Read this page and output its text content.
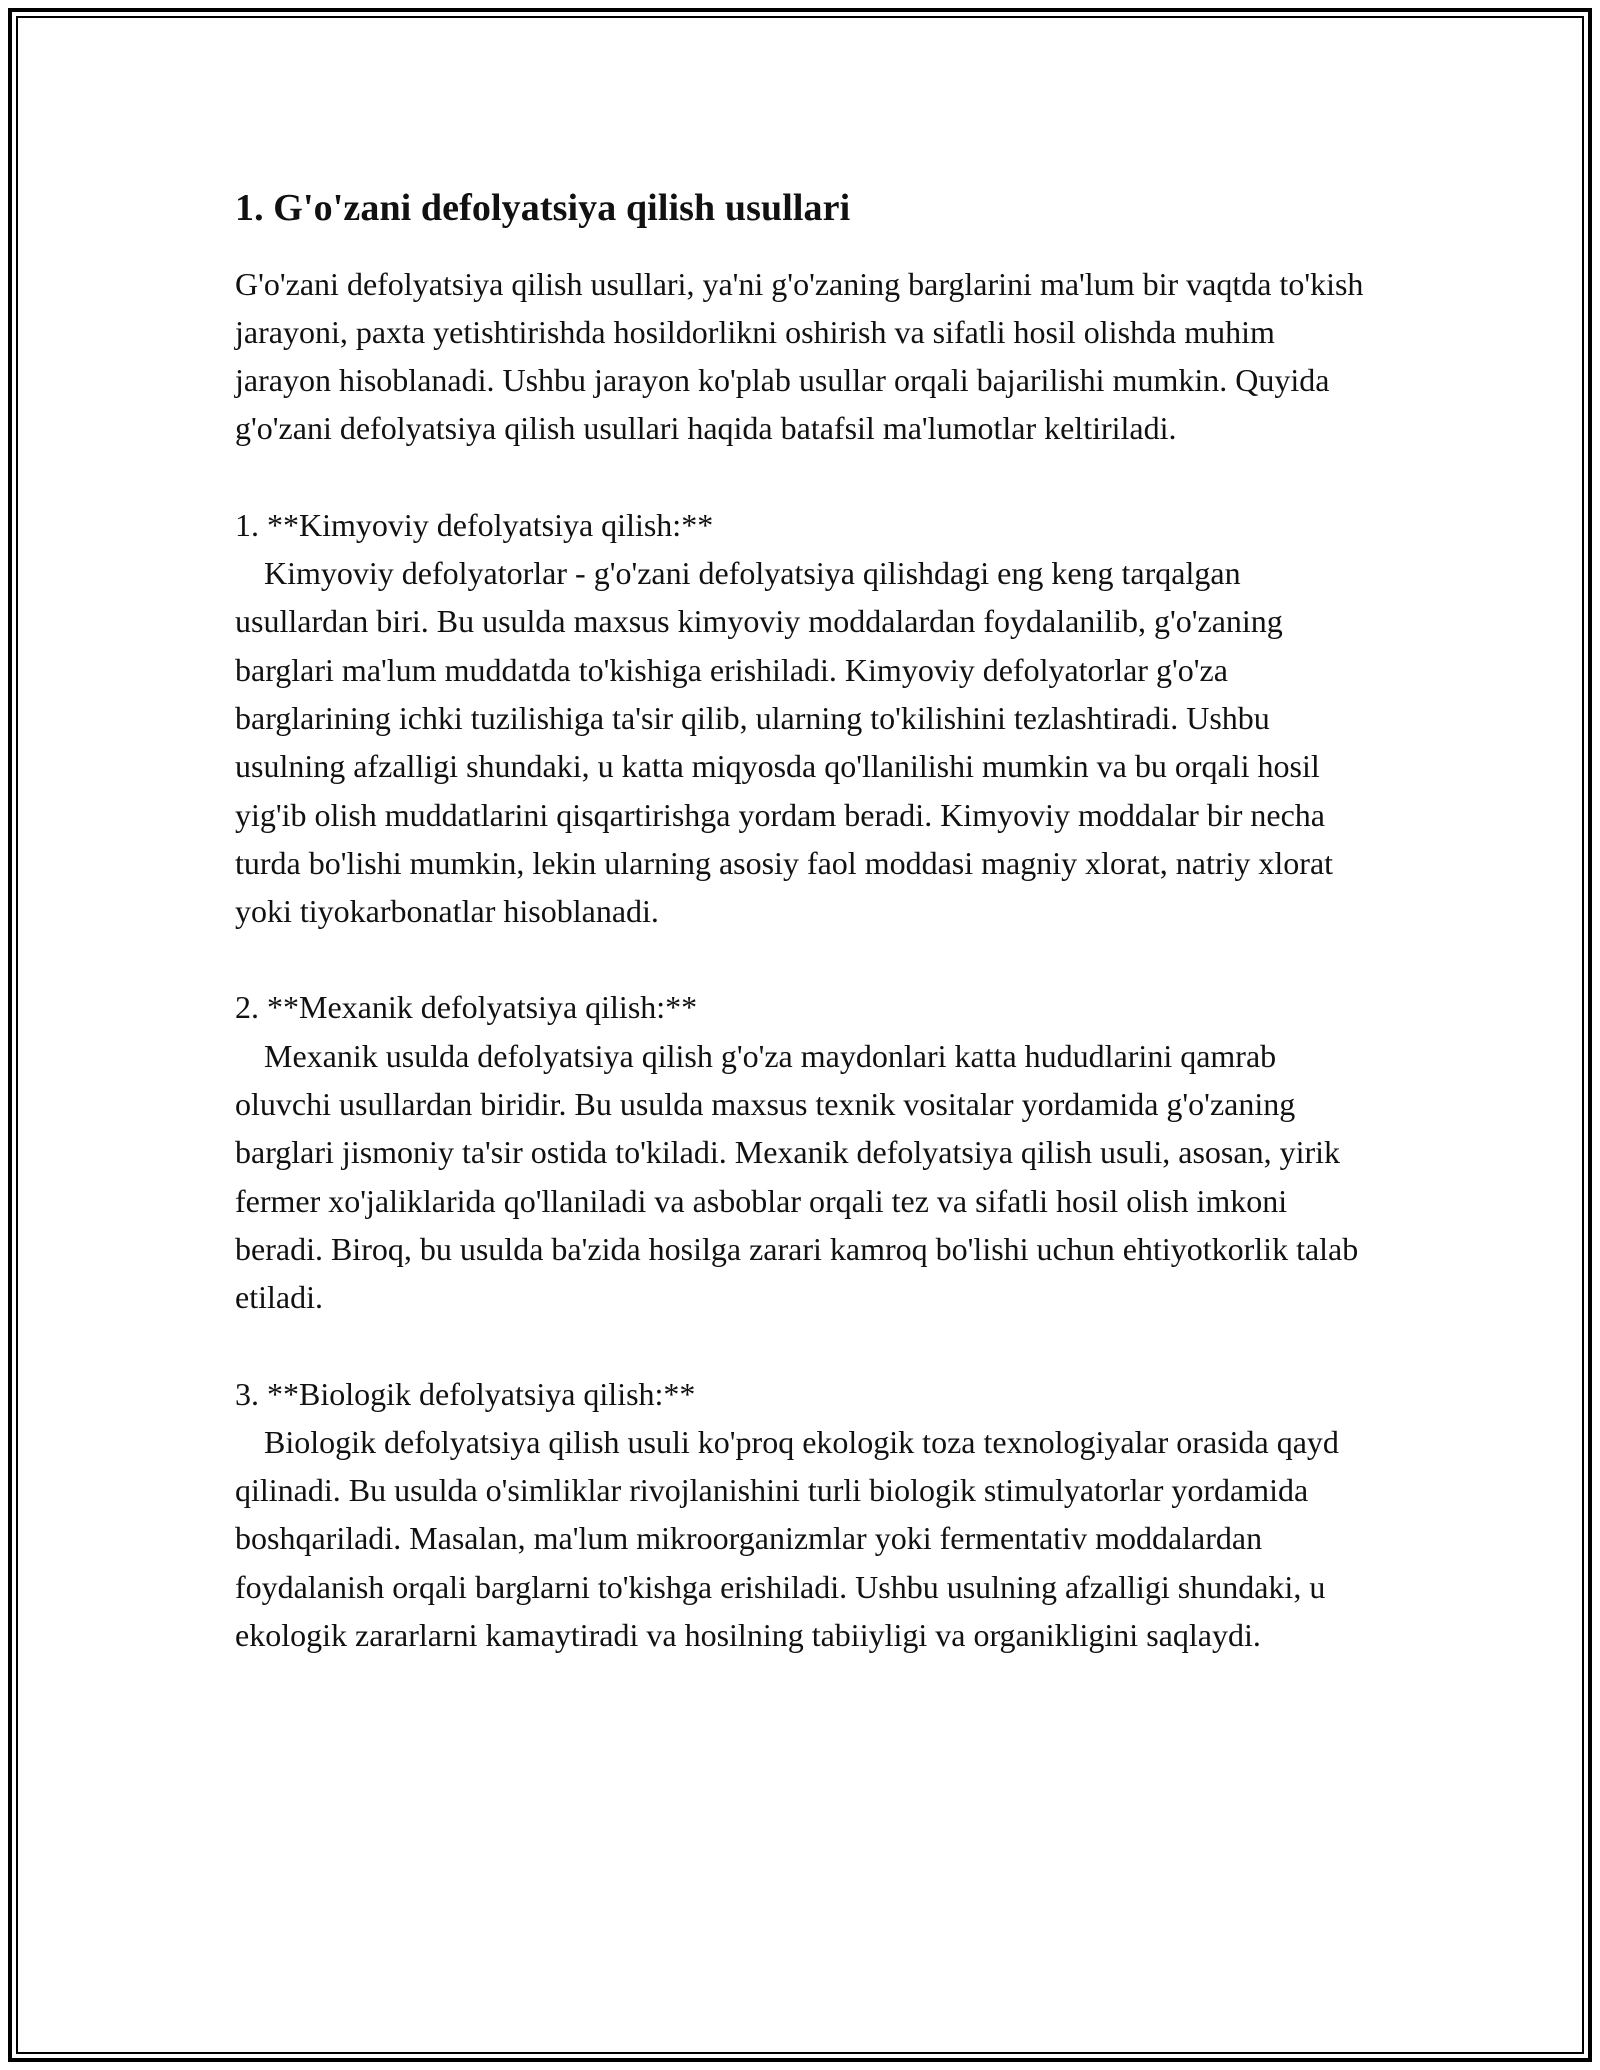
1. G'o'zani defolyatsiya qilish usullari

G'o'zani defolyatsiya qilish usullari, ya'ni g'o'zaning barglarini ma'lum bir vaqtda to'kish jarayoni, paxta yetishtirishda hosildorlikni oshirish va sifatli hosil olishda muhim jarayon hisoblanadi. Ushbu jarayon ko'plab usullar orqali bajarilishi mumkin. Quyida g'o'zani defolyatsiya qilish usullari haqida batafsil ma'lumotlar keltiriladi.

1. **Kimyoviy defolyatsiya qilish:**

Kimyoviy defolyatorlar - g'o'zani defolyatsiya qilishdagi eng keng tarqalgan usullardan biri. Bu usulda maxsus kimyoviy moddalardan foydalanilib, g'o'zaning barglari ma'lum muddatda to'kishiga erishiladi. Kimyoviy defolyatorlar g'o'za barglarining ichki tuzilishiga ta'sir qilib, ularning to'kilishini tezlashtiradi. Ushbu usulning afzalligi shundaki, u katta miqyosda qo'llanilishi mumkin va bu orqali hosil yig'ib olish muddatlarini qisqartirishga yordam beradi. Kimyoviy moddalar bir necha turda bo'lishi mumkin, lekin ularning asosiy faol moddasi magniy xlorat, natriy xlorat yoki tiyokarbonatlar hisoblanadi.

2. **Mexanik defolyatsiya qilish:**

Mexanik usulda defolyatsiya qilish g'o'za maydonlari katta hududlarini qamrab oluvchi usullardan biridir. Bu usulda maxsus texnik vositalar yordamida g'o'zaning barglari jismoniy ta'sir ostida to'kiladi. Mexanik defolyatsiya qilish usuli, asosan, yirik fermer xo'jaliklarida qo'llaniladi va asboblar orqali tez va sifatli hosil olish imkoni beradi. Biroq, bu usulda ba'zida hosilga zarari kamroq bo'lishi uchun ehtiyotkorlik talab etiladi.

3. **Biologik defolyatsiya qilish:**

Biologik defolyatsiya qilish usuli ko'proq ekologik toza texnologiyalar orasida qayd qilinadi. Bu usulda o'simliklar rivojlanishini turli biologik stimulyatorlar yordamida boshqariladi. Masalan, ma'lum mikroorganizmlar yoki fermentativ moddalardan foydalanish orqali barglarni to'kishga erishiladi. Ushbu usulning afzalligi shundaki, u ekologik zararlarni kamaytiradi va hosilning tabiiyligi va organikligini saqlaydi.
